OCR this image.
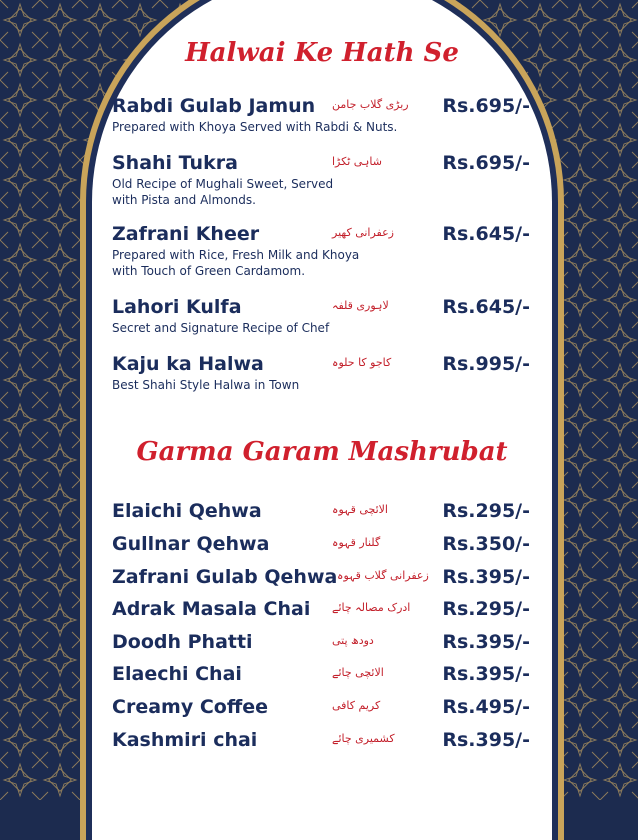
Halwai Ke Hath Se
Rabdi Gulab Jamun	ربڑی گلاب جامن	Rs.695/-
Prepared with Khoya Served with Rabdi & Nuts.
Shahi Tukra	شاہی ٹکڑا	Rs.695/-
Old Recipe of Mughali Sweet, Served
with Pista and Almonds.
Zafrani Kheer	زعفرانی کھیر	Rs.645/-
Prepared with Rice, Fresh Milk and Khoya
with Touch of Green Cardamom.
Lahori Kulfa	لاہوری قلفہ	Rs.645/-
Secret and Signature Recipe of Chef
Kaju ka Halwa	کاجو کا حلوہ	Rs.995/-
Best Shahi Style Halwa in Town
Garma Garam Mashrubat
Elaichi Qehwa	الائچی قہوہ	Rs.295/-
Gullnar Qehwa	گلنار قہوہ	Rs.350/-
Zafrani Gulab Qehwa زعفرانی گلاب قہوہ Rs.395/-
Adrak Masala Chai	ادرک مصالہ چائے	Rs.295/-
Doodh Phatti	دودھ پتی	Rs.395/-
Elaechi Chai	الائچی چائے	Rs.395/-
Creamy Coffee	کریم کافی	Rs.495/-
Kashmiri chai	کشمیری چائے	Rs.395/-
